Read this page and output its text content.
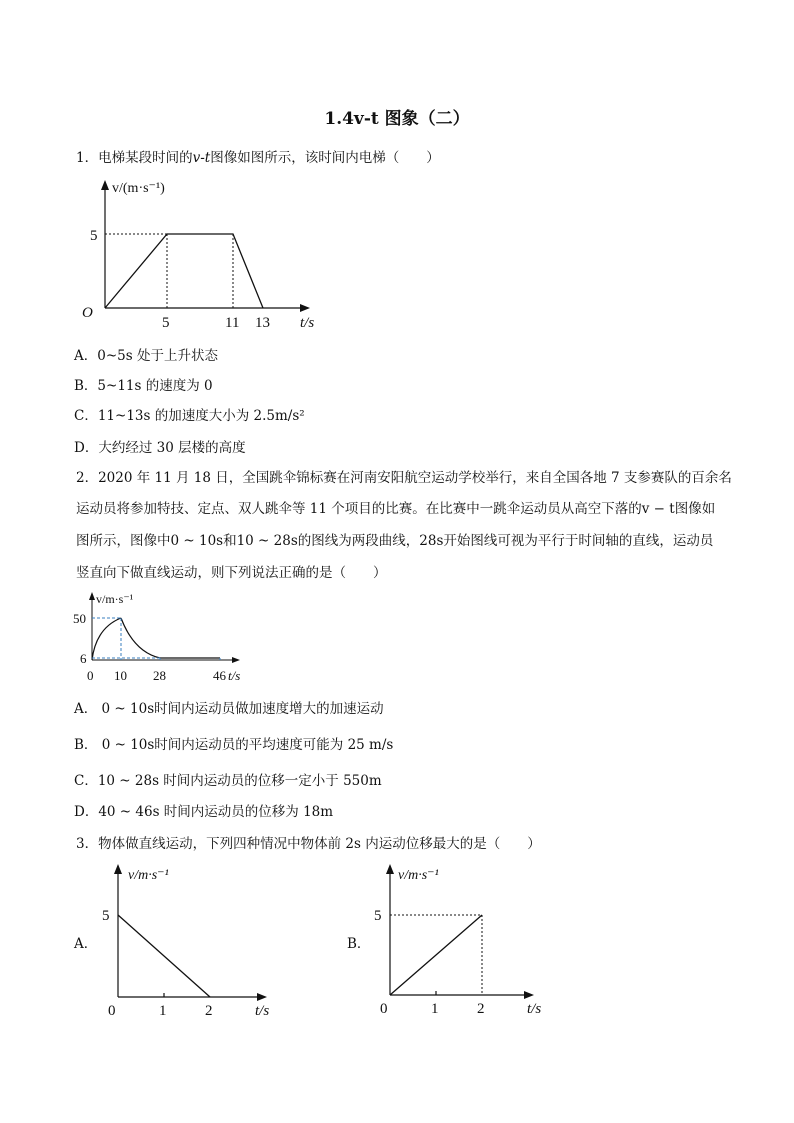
1.4v-t 图象（二）
1．电梯某段时间的v-t图像如图所示，该时间内电梯（　　）
v/(m·s⁻¹)
O
5
5	11 13 t/s
A．0~5s 处于上升状态
B．5~11s 的速度为 0
C．11~13s 的加速度大小为 2.5m/s²
D．大约经过 30 层楼的高度
2．2020 年 11 月 18 日，全国跳伞锦标赛在河南安阳航空运动学校举行，来自全国各地 7 支参赛队的百余名
运动员将参加特技、定点、双人跳伞等 11 个项目的比赛。在比赛中一跳伞运动员从高空下落的v − t图像如
图所示，图像中0 ~ 10s和10 ~ 28s的图线为两段曲线，28s开始图线可视为平行于时间轴的直线，运动员
竖直向下做直线运动，则下列说法正确的是（　　）
v/m·s⁻¹
50
6
0 10 28	46 t/s
A． 0 ~ 10s时间内运动员做加速度增大的加速运动
B． 0 ~ 10s时间内运动员的平均速度可能为 25 m/s
C．10 ~ 28s 时间内运动员的位移一定小于 550m
D．40 ~ 46s 时间内运动员的位移为 18m
3．物体做直线运动，下列四种情况中物体前 2s 内运动位移最大的是（　　）
A．
v/m·s⁻¹
5
0	1	2	t/s
B．
v/m·s⁻¹
5
0	1	2	t/s
